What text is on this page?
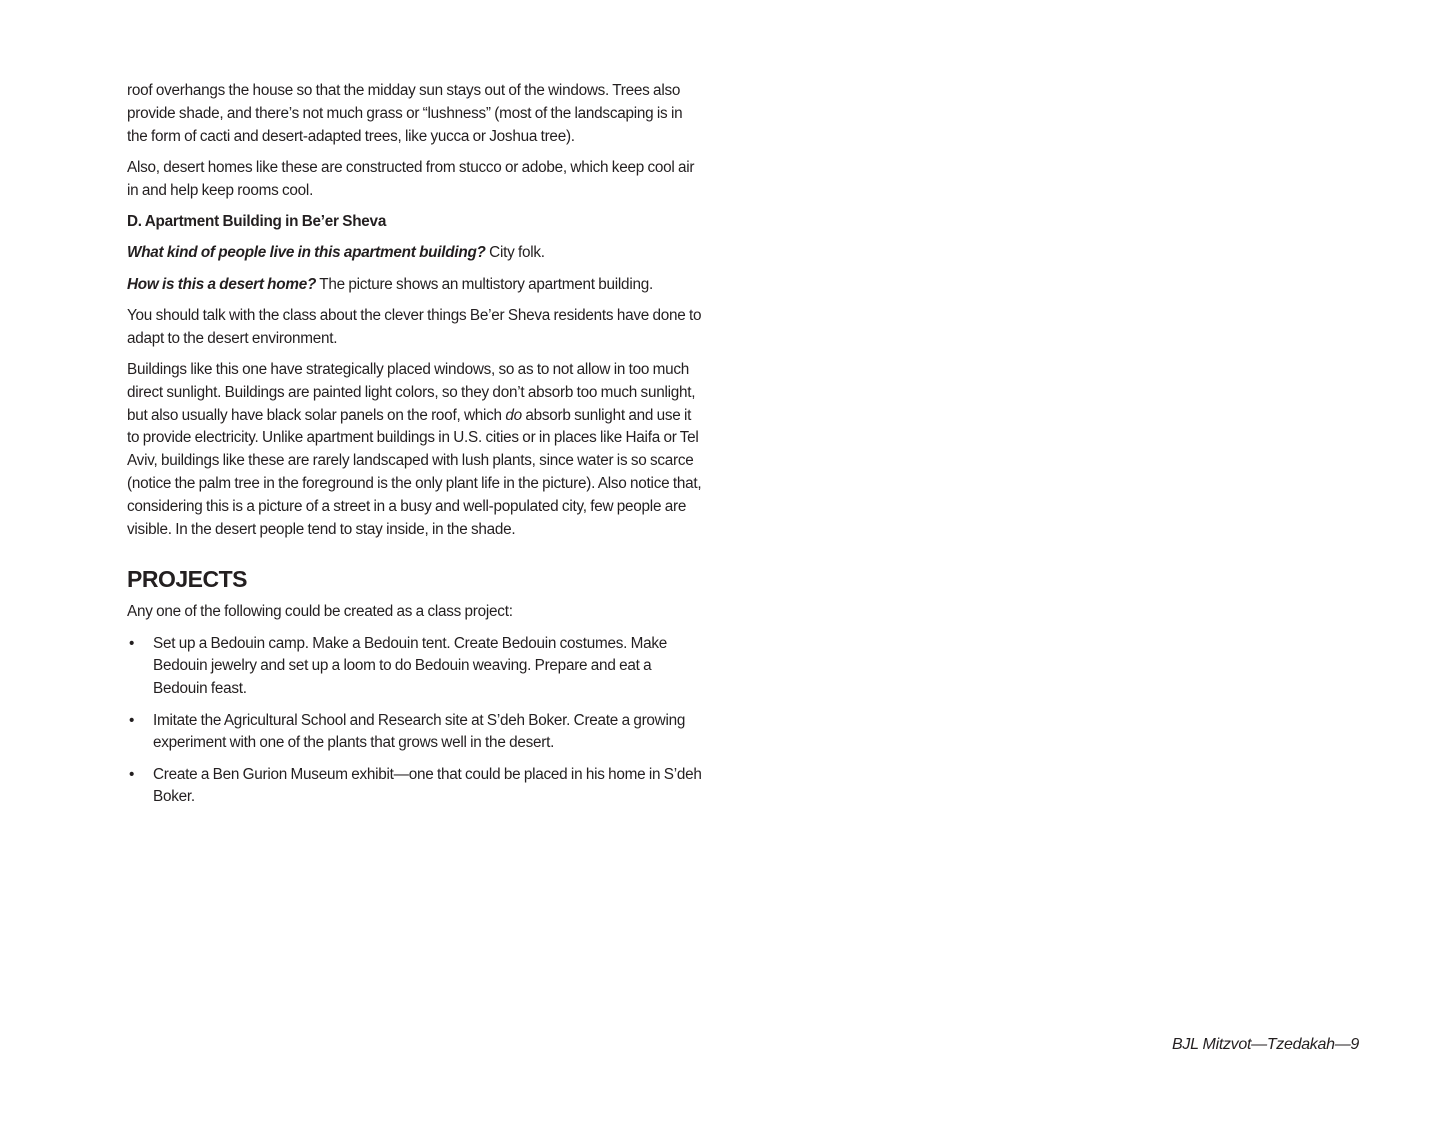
roof overhangs the house so that the midday sun stays out of the windows. Trees also provide shade, and there’s not much grass or “lushness” (most of the landscaping is in the form of cacti and desert-adapted trees, like yucca or Joshua tree).

Also, desert homes like these are constructed from stucco or adobe, which keep cool air in and help keep rooms cool.

D. Apartment Building in Be’er Sheva

What kind of people live in this apartment building? City folk.

How is this a desert home? The picture shows an multistory apartment building.

You should talk with the class about the clever things Be’er Sheva residents have done to adapt to the desert environment.

Buildings like this one have strategically placed windows, so as to not allow in too much direct sunlight. Buildings are painted light colors, so they don’t absorb too much sunlight, but also usually have black solar panels on the roof, which do absorb sunlight and use it to provide electricity. Unlike apartment buildings in U.S. cities or in places like Haifa or Tel Aviv, buildings like these are rarely landscaped with lush plants, since water is so scarce (notice the palm tree in the foreground is the only plant life in the picture). Also notice that, considering this is a picture of a street in a busy and well-populated city, few people are visible. In the desert people tend to stay inside, in the shade.

PROJECTS

Any one of the following could be created as a class project:

• Set up a Bedouin camp. Make a Bedouin tent. Create Bedouin costumes. Make Bedouin jewelry and set up a loom to do Bedouin weaving. Prepare and eat a Bedouin feast.
• Imitate the Agricultural School and Research site at S’deh Boker. Create a growing experiment with one of the plants that grows well in the desert.
• Create a Ben Gurion Museum exhibit—one that could be placed in his home in S’deh Boker.
BJL Mitzvot—Tzedakah—9
